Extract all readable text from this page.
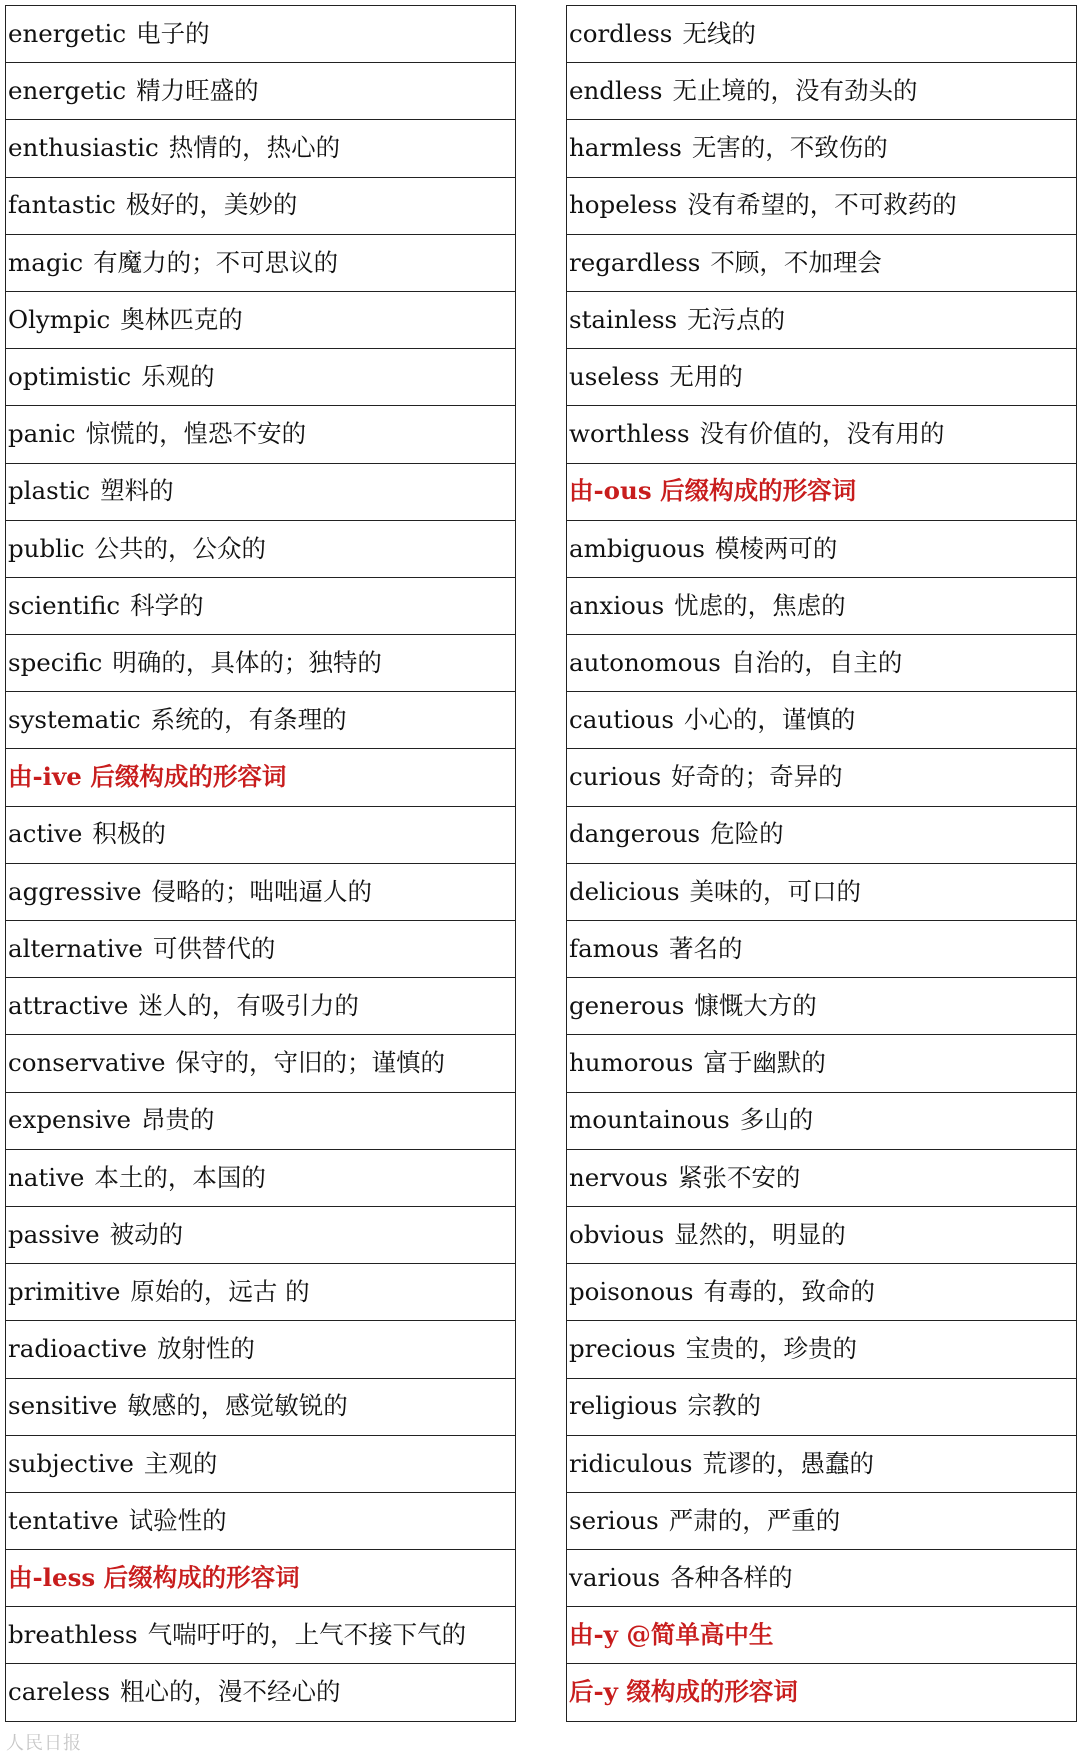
energetic 电子的
energetic 精力旺盛的
enthusiastic 热情的，热心的
fantastic 极好的，美妙的
magic 有魔力的；不可思议的
Olympic 奥林匹克的
optimistic 乐观的
panic 惊慌的，惶恐不安的
plastic 塑料的
public 公共的，公众的
scientific 科学的
specific 明确的，具体的；独特的
systematic 系统的，有条理的
由-ive 后缀构成的形容词
active 积极的
aggressive 侵略的；咄咄逼人的
alternative 可供替代的
attractive 迷人的，有吸引力的
conservative 保守的，守旧的；谨慎的
expensive 昂贵的
native 本土的，本国的
passive 被动的
primitive 原始的，远古 的
radioactive 放射性的
sensitive 敏感的，感觉敏锐的
subjective 主观的
tentative 试验性的
由-less 后缀构成的形容词
breathless 气喘吁吁的，上气不接下气的
careless 粗心的，漫不经心的
cordless 无线的
endless 无止境的，没有劲头的
harmless 无害的，不致伤的
hopeless 没有希望的，不可救药的
regardless 不顾，不加理会
stainless 无污点的
useless 无用的
worthless 没有价值的，没有用的
由-ous 后缀构成的形容词
ambiguous 模棱两可的
anxious 忧虑的，焦虑的
autonomous 自治的，自主的
cautious 小心的，谨慎的
curious 好奇的；奇异的
dangerous 危险的
delicious 美味的，可口的
famous 著名的
generous 慷慨大方的
humorous 富于幽默的
mountainous 多山的
nervous 紧张不安的
obvious 显然的，明显的
poisonous 有毒的，致命的
precious 宝贵的，珍贵的
religious 宗教的
ridiculous 荒谬的，愚蠢的
serious 严肃的，严重的
various 各种各样的
由-y @简单高中生
后-y 缀构成的形容词
人民日报
